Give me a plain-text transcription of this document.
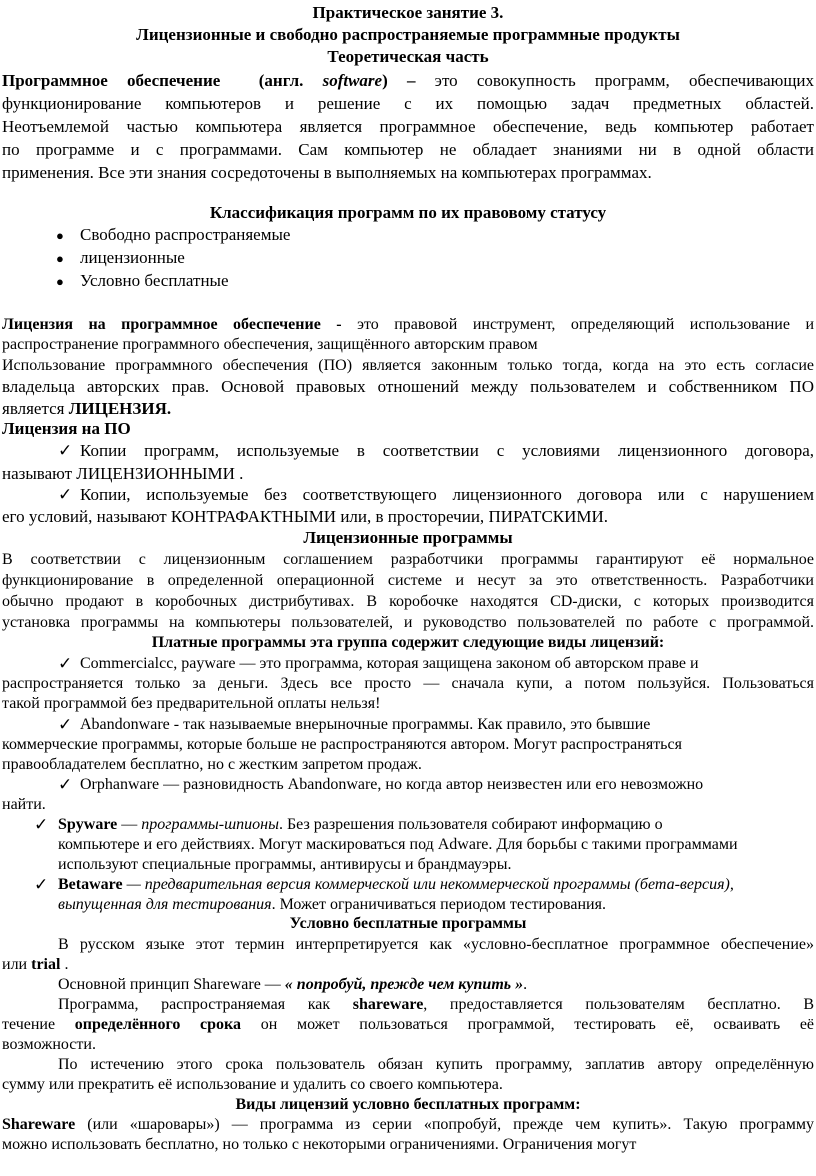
Практическое занятие 3.

Лицензионные и свободно распространяемые программные продукты

Теоретическая часть

Программное обеспечение (англ. software) – это совокупность программ, обеспечивающих

функционирование компьютеров и решение с их помощью задач предметных областей.

Неотъемлемой частью компьютера является программное обеспечение, ведь компьютер работает

по программе и с программами. Сам компьютер не обладает знаниями ни в одной области

применения. Все эти знания сосредоточены в выполняемых на компьютерах программах.

Классификация программ по их правовому статусу

● Свободно распространяемые

● лицензионные

● Условно бесплатные

Лицензия на программное обеспечение - это правовой инструмент, определяющий использование и

распространение программного обеспечения, защищённого авторским правом

Использование программного обеспечения (ПО) является законным только тогда, когда на это есть согласие

владельца авторских прав. Основой правовых отношений между пользователем и собственником ПО

является ЛИЦЕНЗИЯ.

Лицензия на ПО

✓ Копии программ, используемые в соответствии с условиями лицензионного договора,

называют ЛИЦЕНЗИОННЫМИ .

✓ Копии, используемые без соответствующего лицензионного договора или с нарушением

его условий, называют КОНТРАФАКТНЫМИ или, в просторечии, ПИРАТСКИМИ.

Лицензионные программы

В соответствии с лицензионным соглашением разработчики программы гарантируют её нормальное

функционирование в определенной операционной системе и несут за это ответственность. Разработчики

обычно продают в коробочных дистрибутивах. В коробочке находятся CD-диски, с которых производится

установка программы на компьютеры пользователей, и руководство пользователей по работе с программой.

Платные программы эта группа содержит следующие виды лицензий:

✓ Commercialcc, payware — это программа, которая защищена законом об авторском праве и

распространяется только за деньги. Здесь все просто — сначала купи, а потом пользуйся. Пользоваться

такой программой без предварительной оплаты нельзя!

✓ Abandonware - так называемые внерыночные программы. Как правило, это бывшие

коммерческие программы, которые больше не распространяются автором. Могут распространяться

правообладателем бесплатно, но с жестким запретом продаж.

✓ Orphanware — разновидность Abandonware, но когда автор неизвестен или его невозможно

найти.

✓ Spyware — программы-шпионы. Без разрешения пользователя собирают информацию о

компьютере и его действиях. Могут маскироваться под Adware. Для борьбы с такими программами

используют специальные программы, антивирусы и брандмауэры.

✓ Betaware — предварительная версия коммерческой или некоммерческой программы (бета-версия),

выпущенная для тестирования. Может ограничиваться периодом тестирования.

Условно бесплатные программы

В русском языке этот термин интерпретируется как «условно-бесплатное программное обеспечение»

или trial .

Основной принцип Shareware — « попробуй, прежде чем купить ».

Программа, распространяемая как shareware, предоставляется пользователям бесплатно. В

течение определённого срока он может пользоваться программой, тестировать её, осваивать её

возможности.

По истечению этого срока пользователь обязан купить программу, заплатив автору определённую

сумму или прекратить её использование и удалить со своего компьютера.

Виды лицензий условно бесплатных программ:

Shareware (или «шаровары») — программа из серии «попробуй, прежде чем купить». Такую программу

можно использовать бесплатно, но только с некоторыми ограничениями. Ограничения могут
